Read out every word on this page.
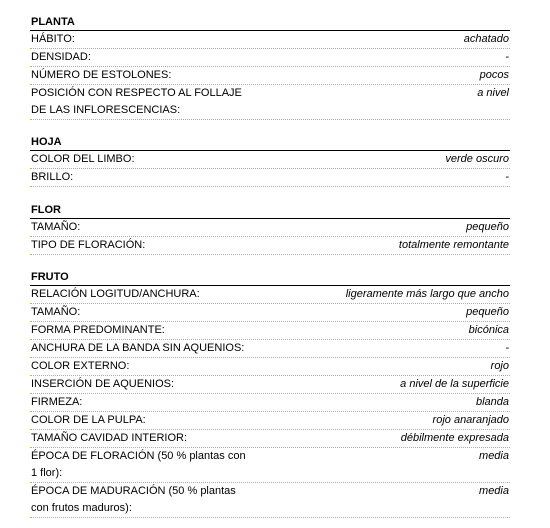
PLANTA
HÁBITO:	achatado
DENSIDAD:	-
NÚMERO DE ESTOLONES:	pocos
POSICIÓN CON RESPECTO AL FOLLAJE DE LAS INFLORESCENCIAS:
a nivel
HOJA
COLOR DEL LIMBO:	verde oscuro
BRILLO:	-
FLOR
TAMAÑO:	pequeño
TIPO DE FLORACIÓN:	totalmente remontante
FRUTO
RELACIÓN LOGITUD/ANCHURA:	ligeramente más largo que ancho
TAMAÑO:	pequeño
FORMA PREDOMINANTE:	bicónica
ANCHURA DE LA BANDA SIN AQUENIOS:	-
COLOR EXTERNO:	rojo
INSERCIÓN DE AQUENIOS:	a nivel de la superficie
FIRMEZA:	blanda
COLOR DE LA PULPA:	rojo anaranjado
TAMAÑO CAVIDAD INTERIOR:	débilmente expresada
ÉPOCA DE FLORACIÓN (50 % plantas con 1 flor):
media
ÉPOCA DE MADURACIÓN (50 % plantas con frutos maduros):
media
